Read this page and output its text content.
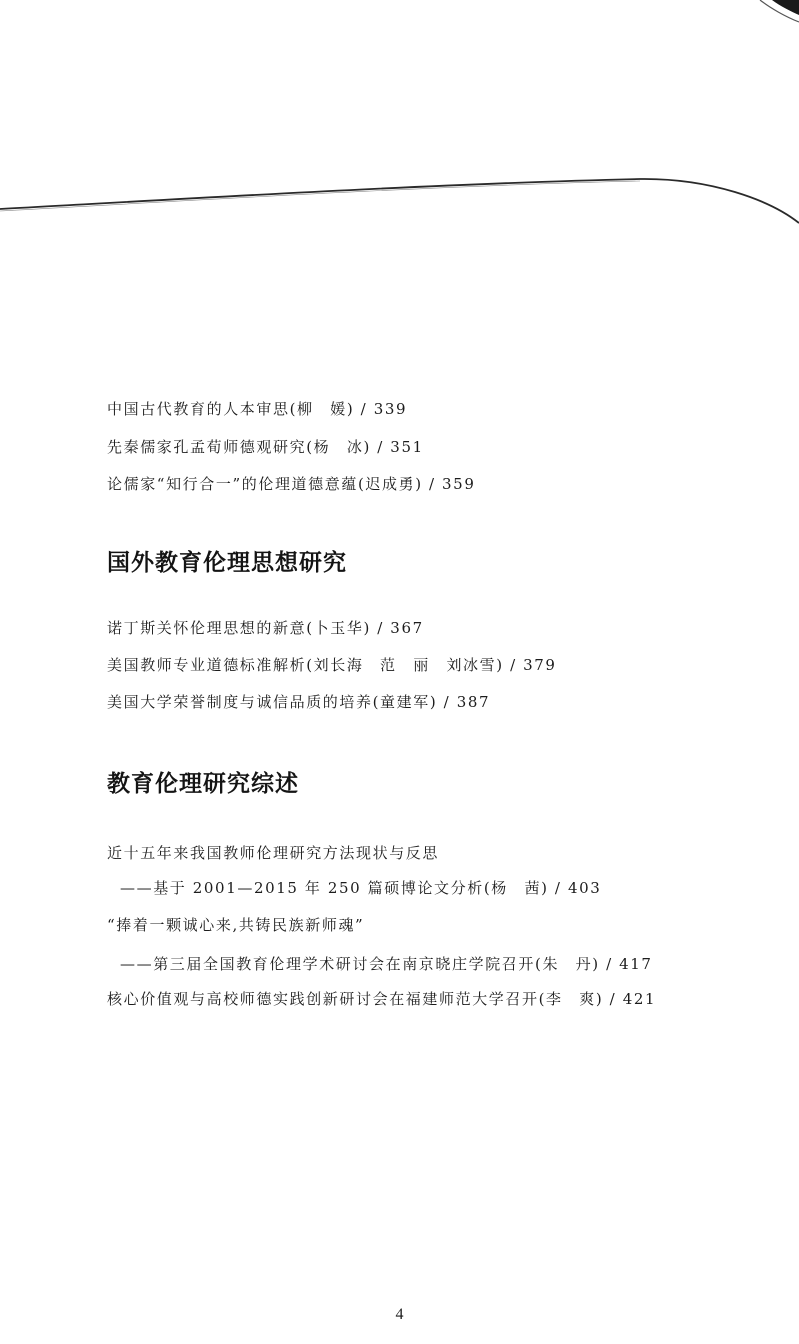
中国古代教育的人本审思(柳　媛) / 339
先秦儒家孔孟荀师德观研究(杨　冰) / 351
论儒家“知行合一”的伦理道德意蕴(迟成勇) / 359
国外教育伦理思想研究
诺丁斯关怀伦理思想的新意(卜玉华) / 367
美国教师专业道德标准解析(刘长海　范　丽　刘冰雪) / 379
美国大学荣誉制度与诚信品质的培养(童建军) / 387
教育伦理研究综述
近十五年来我国教师伦理研究方法现状与反思
——基于 2001—2015 年 250 篇硕博论文分析(杨　茜) / 403
“捧着一颗诚心来,共铸民族新师魂”
——第三届全国教育伦理学术研讨会在南京晓庄学院召开(朱　丹) / 417
核心价值观与高校师德实践创新研讨会在福建师范大学召开(李　爽) / 421
4
